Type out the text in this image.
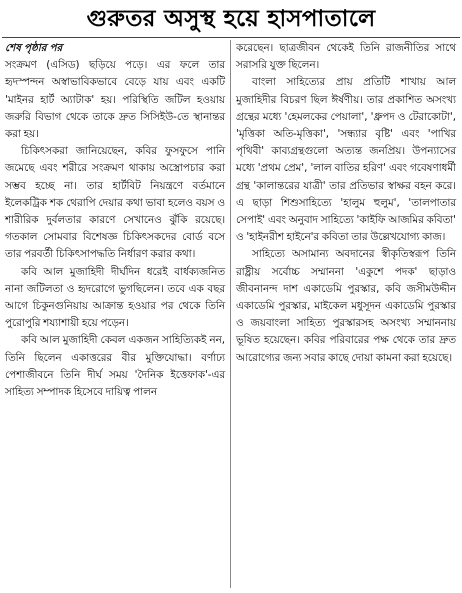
গুরুতর অসুস্থ হয়ে হাসপাতালে

শেষ পৃষ্ঠার পর

সংক্রমণ (এসিড) ছড়িয়ে পড়ে। এর ফলে তার হৃদস্পন্দন অস্বাভাবিকভাবে বেড়ে যায় এবং একটি 'মাইনর হার্ট অ্যাটাক' হয়। পরিস্থিতি জটিল হওয়ায় জরুরি বিভাগ থেকে তাকে দ্রুত সিসিইউ-তে স্থানান্তর করা হয়।

চিকিৎসকরা জানিয়েছেন, কবির ফুসফুসে পানি জমেছে এবং শরীরে সংক্রমণ থাকায় অস্ত্রোপচার করা সম্ভব হচ্ছে না। তার হার্টবিট নিয়ন্ত্রণে বর্তমানে ইলেকট্রিক শক থেরাপি দেয়ার কথা ভাবা হলেও বয়স ও শারীরিক দুর্বলতার কারণে সেখানেও ঝুঁকি রয়েছে। গতকাল সোমবার বিশেষজ্ঞ চিকিৎসকদের বোর্ড বসে তার পরবর্তী চিকিৎসাপদ্ধতি নির্ধারণ করার কথা।

কবি আল মুজাহিদী দীর্ঘদিন ধরেই বার্ধক্যজনিত নানা জটিলতা ও হৃদরোগে ভুগছিলেন। তবে এক বছর আগে চিকুনগুনিয়ায় আক্রান্ত হওয়ার পর থেকে তিনি পুরোপুরি শয্যাশায়ী হয়ে পড়েন।

কবি আল মুজাহিদী কেবল একজন সাহিত্যিকই নন, তিনি ছিলেন একাত্তরের বীর মুক্তিযোদ্ধা। বর্ণাঢ্য পেশাজীবনে তিনি দীর্ঘ সময় 'দৈনিক ইত্তেফাক'-এর সাহিত্য সম্পাদক হিসেবে দায়িত্ব পালন

করেছেন। ছাত্রজীবন থেকেই তিনি রাজনীতির সাথে সরাসরি যুক্ত ছিলেন।

বাংলা সাহিত্যের প্রায় প্রতিটি শাখায় আল মুজাহিদীর বিচরণ ছিল ঈর্ষণীয়। তার প্রকাশিত অসংখ্য গ্রন্থের মধ্যে 'হেমলকের পেয়ালা', 'ধ্রুপদ ও টেরাকোটা', 'মৃত্তিকা অতি-মৃত্তিকা', 'সন্ধ্যার বৃষ্টি' এবং 'পাখির পৃথিবী' কাব্যগ্রন্থগুলো অত্যন্ত জনপ্রিয়। উপন্যাসের মধ্যে 'প্রথম প্রেম', 'লাল বাতির হরিণ' এবং গবেষণাধর্মী গ্রন্থ 'কালান্তরের যাত্রী' তার প্রতিভার স্বাক্ষর বহন করে। এ ছাড়া শিশুসাহিত্যে 'হালুম হুলুম', 'তালপাতার সেপাই' এবং অনুবাদ সাহিত্যে 'কাইফি আজমির কবিতা' ও 'হাইনরীশ হাইনে'র কবিতা তার উল্লেখযোগ্য কাজ।

সাহিত্যে অসামান্য অবদানের স্বীকৃতিস্বরূপ তিনি রাষ্ট্রীয় সর্বোচ্চ সম্মাননা 'একুশে পদক' ছাড়াও জীবনানন্দ দাশ একাডেমি পুরস্কার, কবি জসীমউদ্দীন একাডেমি পুরস্কার, মাইকেল মধুসূদন একাডেমি পুরস্কার ও জয়বাংলা সাহিত্য পুরস্কারসহ অসংখ্য সম্মাননায় ভূষিত হয়েছেন। কবির পরিবারের পক্ষ থেকে তার দ্রুত আরোগ্যের জন্য সবার কাছে দোয়া কামনা করা হয়েছে।
